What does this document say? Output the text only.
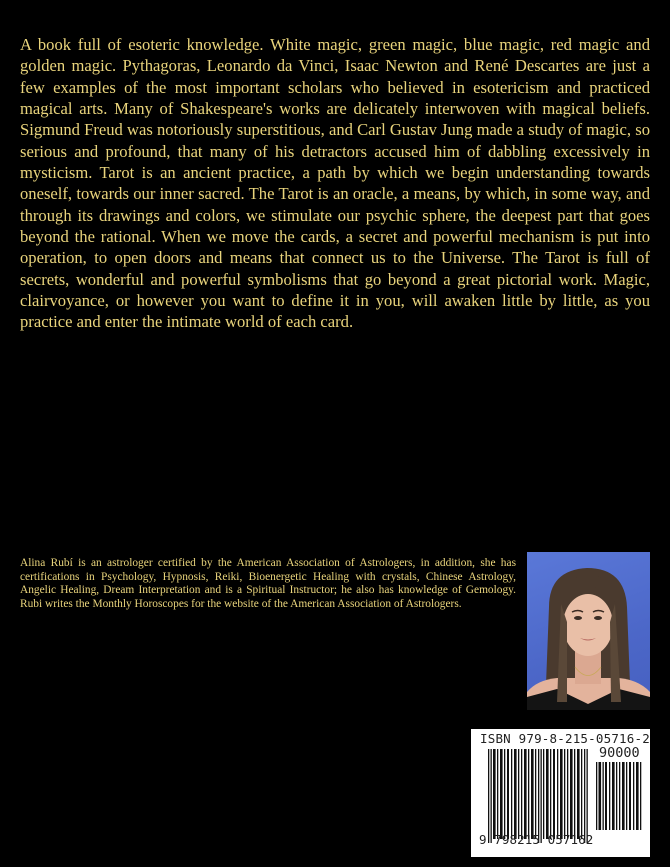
A book full of esoteric knowledge. White magic, green magic, blue magic, red magic and golden magic. Pythagoras, Leonardo da Vinci, Isaac Newton and René Descartes are just a few examples of the most important scholars who believed in esotericism and practiced magical arts. Many of Shakespeare's works are delicately interwoven with magical beliefs. Sigmund Freud was notoriously superstitious, and Carl Gustav Jung made a study of magic, so serious and profound, that many of his detractors accused him of dabbling excessively in mysticism. Tarot is an ancient practice, a path by which we begin understanding towards oneself, towards our inner sacred. The Tarot is an oracle, a means, by which, in some way, and through its drawings and colors, we stimulate our psychic sphere, the deepest part that goes beyond the rational. When we move the cards, a secret and powerful mechanism is put into operation, to open doors and means that connect us to the Universe. The Tarot is full of secrets, wonderful and powerful symbolisms that go beyond a great pictorial work. Magic, clairvoyance, or however you want to define it in you, will awaken little by little, as you practice and enter the intimate world of each card.

Alina Rubí is an astrologer certified by the American Association of Astrologers, in addition, she has certifications in Psychology, Hypnosis, Reiki, Bioenergetic Healing with crystals, Chinese Astrology, Angelic Healing, Dream Interpretation and is a Spiritual Instructor; he also has knowledge of Gemology. Rubi writes the Monthly Horoscopes for the website of the American Association of Astrologers.

ISBN 979-8-215-05716-2
90000
9 798215 057162
